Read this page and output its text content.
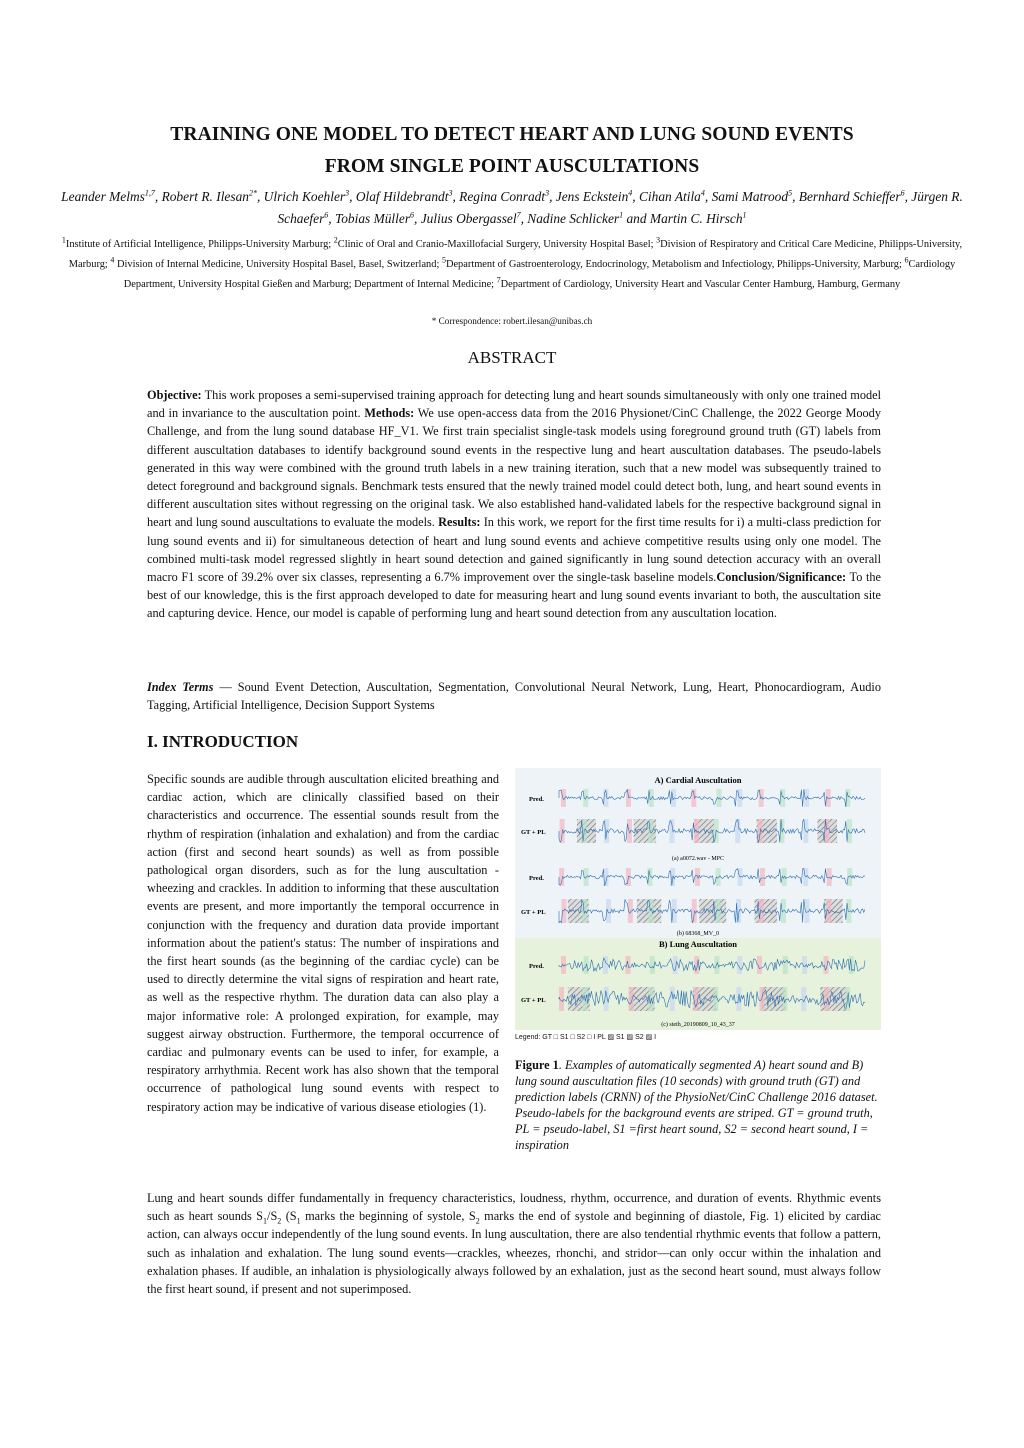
TRAINING ONE MODEL TO DETECT HEART AND LUNG SOUND EVENTS
FROM SINGLE POINT AUSCULTATIONS
Leander Melms$^{1,7}$, Robert R. Ilesan$^{2*}$, Ulrich Koehler$^3$, Olaf Hildebrandt$^3$, Regina Conradt$^3$, Jens Eckstein$^4$, Cihan Atila$^4$, Sami Matrood$^5$, Bernhard Schieffer$^6$, Jürgen R. Schaefer$^6$, Tobias Müller$^6$, Julius Obergassel$^7$, Nadine Schlicker$^1$ and Martin C. Hirsch$^1$
$^1$Institute of Artificial Intelligence, Philipps-University Marburg; $^2$Clinic of Oral and Cranio-Maxillofacial Surgery, University Hospital Basel; $^3$Division of Respiratory and Critical Care Medicine, Philipps-University, Marburg; $^4$ Division of Internal Medicine, University Hospital Basel, Basel, Switzerland; $^5$Department of Gastroenterology, Endocrinology, Metabolism and Infectiology, Philipps-University, Marburg; $^6$Cardiology Department, University Hospital Gießen and Marburg; Department of Internal Medicine; $^7$Department of Cardiology, University Heart and Vascular Center Hamburg, Hamburg, Germany
* Correspondence: robert.ilesan@unibas.ch
ABSTRACT
Objective: This work proposes a semi-supervised training approach for detecting lung and heart sounds simultaneously with only one trained model and in invariance to the auscultation point. Methods: We use open-access data from the 2016 Physionet/CinC Challenge, the 2022 George Moody Challenge, and from the lung sound database HF_V1. We first train specialist single-task models using foreground ground truth (GT) labels from different auscultation databases to identify background sound events in the respective lung and heart auscultation databases. The pseudo-labels generated in this way were combined with the ground truth labels in a new training iteration, such that a new model was subsequently trained to detect foreground and background signals. Benchmark tests ensured that the newly trained model could detect both, lung, and heart sound events in different auscultation sites without regressing on the original task. We also established hand-validated labels for the respective background signal in heart and lung sound auscultations to evaluate the models. Results: In this work, we report for the first time results for i) a multi-class prediction for lung sound events and ii) for simultaneous detection of heart and lung sound events and achieve competitive results using only one model. The combined multi-task model regressed slightly in heart sound detection and gained significantly in lung sound detection accuracy with an overall macro F1 score of 39.2% over six classes, representing a 6.7% improvement over the single-task baseline models.Conclusion/Significance: To the best of our knowledge, this is the first approach developed to date for measuring heart and lung sound events invariant to both, the auscultation site and capturing device. Hence, our model is capable of performing lung and heart sound detection from any auscultation location.
Index Terms — Sound Event Detection, Auscultation, Segmentation, Convolutional Neural Network, Lung, Heart, Phonocardiogram, Audio Tagging, Artificial Intelligence, Decision Support Systems
I. INTRODUCTION
Specific sounds are audible through auscultation elicited breathing and cardiac action, which are clinically classified based on their characteristics and occurrence. The essential sounds result from the rhythm of respiration (inhalation and exhalation) and from the cardiac action (first and second heart sounds) as well as from possible pathological organ disorders, such as for the lung auscultation - wheezing and crackles. In addition to informing that these auscultation events are present, and more importantly the temporal occurrence in conjunction with the frequency and duration data provide important information about the patient's status: The number of inspirations and the first heart sounds (as the beginning of the cardiac cycle) can be used to directly determine the vital signs of respiration and heart rate, as well as the respective rhythm. The duration data can also play a major informative role: A prolonged expiration, for example, may suggest airway obstruction. Furthermore, the temporal occurrence of cardiac and pulmonary events can be used to infer, for example, a respiratory arrhythmia. Recent work has also shown that the temporal occurrence of pathological lung sound events with respect to respiratory action may be indicative of various disease etiologies (1).
A) Cardial Auscultation
B) Lung Auscultation
Pred.
GT + PL
Pred.
GT + PL
Pred.
GT + PL
(a) a0072.wav - MPC
(b) 68368_MV_0
(c) steth_20190809_10_43_37
Legend: GT □ S1 □ S2 □ I PL ▨ S1 ▨ S2 ▨ I
Figure 1. Examples of automatically segmented A) heart sound and B) lung sound auscultation files (10 seconds) with ground truth (GT) and prediction labels (CRNN) of the PhysioNet/CinC Challenge 2016 dataset. Pseudo-labels for the background events are striped. GT = ground truth, PL = pseudo-label, S1 =first heart sound, S2 = second heart sound, I = inspiration
Lung and heart sounds differ fundamentally in frequency characteristics, loudness, rhythm, occurrence, and duration of events. Rhythmic events such as heart sounds $S_1/S_2$ ($S_1$ marks the beginning of systole, $S_2$ marks the end of systole and beginning of diastole, Fig. 1) elicited by cardiac action, can always occur independently of the lung sound events. In lung auscultation, there are also tendential rhythmic events that follow a pattern, such as inhalation and exhalation. The lung sound events—crackles, wheezes, rhonchi, and stridor—can only occur within the inhalation and exhalation phases. If audible, an inhalation is physiologically always followed by an exhalation, just as the second heart sound, must always follow the first heart sound, if present and not superimposed.
